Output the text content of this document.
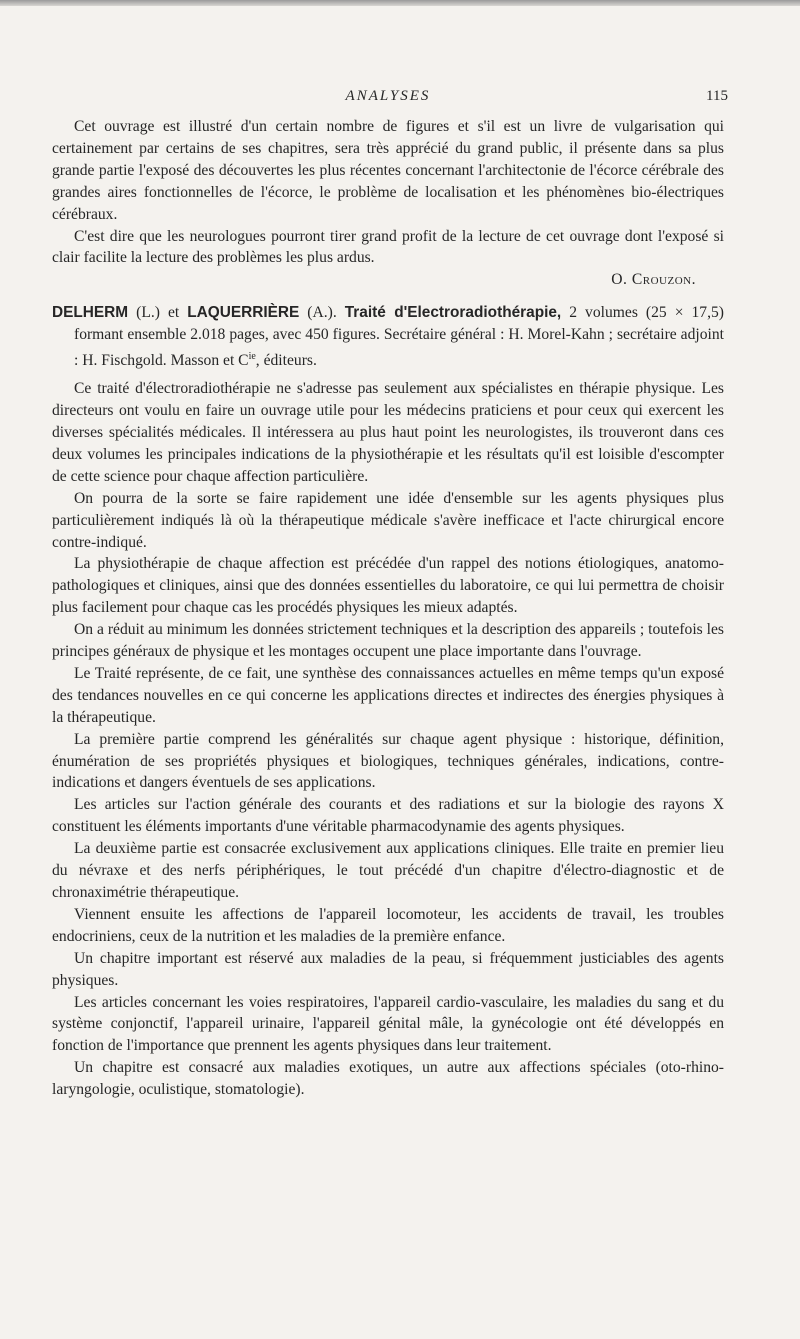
ANALYSES	115

Cet ouvrage est illustré d'un certain nombre de figures et s'il est un livre de vulgarisation qui certainement par certains de ses chapitres, sera très apprécié du grand public, il présente dans sa plus grande partie l'exposé des découvertes les plus récentes concernant l'architectonie de l'écorce cérébrale des grandes aires fonctionnelles de l'écorce, le problème de localisation et les phénomènes bio-électriques cérébraux.

C'est dire que les neurologues pourront tirer grand profit de la lecture de cet ouvrage dont l'exposé si clair facilite la lecture des problèmes les plus ardus.

O. Crouzon.

DELHERM (L.) et LAQUERRIÈRE (A.). Traité d'Electroradiothérapie, 2 volumes (25 × 17,5) formant ensemble 2.018 pages, avec 450 figures. Secrétaire général : H. Morel-Kahn ; secrétaire adjoint : H. Fischgold. Masson et $C^{ie}$, éditeurs.

Ce traité d'électroradiothérapie ne s'adresse pas seulement aux spécialistes en thérapie physique. Les directeurs ont voulu en faire un ouvrage utile pour les médecins praticiens et pour ceux qui exercent les diverses spécialités médicales. Il intéressera au plus haut point les neurologistes, ils trouveront dans ces deux volumes les principales indications de la physiothérapie et les résultats qu'il est loisible d'escompter de cette science pour chaque affection particulière.

On pourra de la sorte se faire rapidement une idée d'ensemble sur les agents physiques plus particulièrement indiqués là où la thérapeutique médicale s'avère inefficace et l'acte chirurgical encore contre-indiqué.

La physiothérapie de chaque affection est précédée d'un rappel des notions étiologiques, anatomo-pathologiques et cliniques, ainsi que des données essentielles du laboratoire, ce qui lui permettra de choisir plus facilement pour chaque cas les procédés physiques les mieux adaptés.

On a réduit au minimum les données strictement techniques et la description des appareils ; toutefois les principes généraux de physique et les montages occupent une place importante dans l'ouvrage.

Le Traité représente, de ce fait, une synthèse des connaissances actuelles en même temps qu'un exposé des tendances nouvelles en ce qui concerne les applications directes et indirectes des énergies physiques à la thérapeutique.

La première partie comprend les généralités sur chaque agent physique : historique, définition, énumération de ses propriétés physiques et biologiques, techniques générales, indications, contre-indications et dangers éventuels de ses applications.

Les articles sur l'action générale des courants et des radiations et sur la biologie des rayons X constituent les éléments importants d'une véritable pharmacodynamie des agents physiques.

La deuxième partie est consacrée exclusivement aux applications cliniques. Elle traite en premier lieu du névraxe et des nerfs périphériques, le tout précédé d'un chapitre d'électro-diagnostic et de chronaximétrie thérapeutique.

Viennent ensuite les affections de l'appareil locomoteur, les accidents de travail, les troubles endocriniens, ceux de la nutrition et les maladies de la première enfance.

Un chapitre important est réservé aux maladies de la peau, si fréquemment justiciables des agents physiques.

Les articles concernant les voies respiratoires, l'appareil cardio-vasculaire, les maladies du sang et du système conjonctif, l'appareil urinaire, l'appareil génital mâle, la gynécologie ont été développés en fonction de l'importance que prennent les agents physiques dans leur traitement.

Un chapitre est consacré aux maladies exotiques, un autre aux affections spéciales (oto-rhino-laryngologie, oculistique, stomatologie).
